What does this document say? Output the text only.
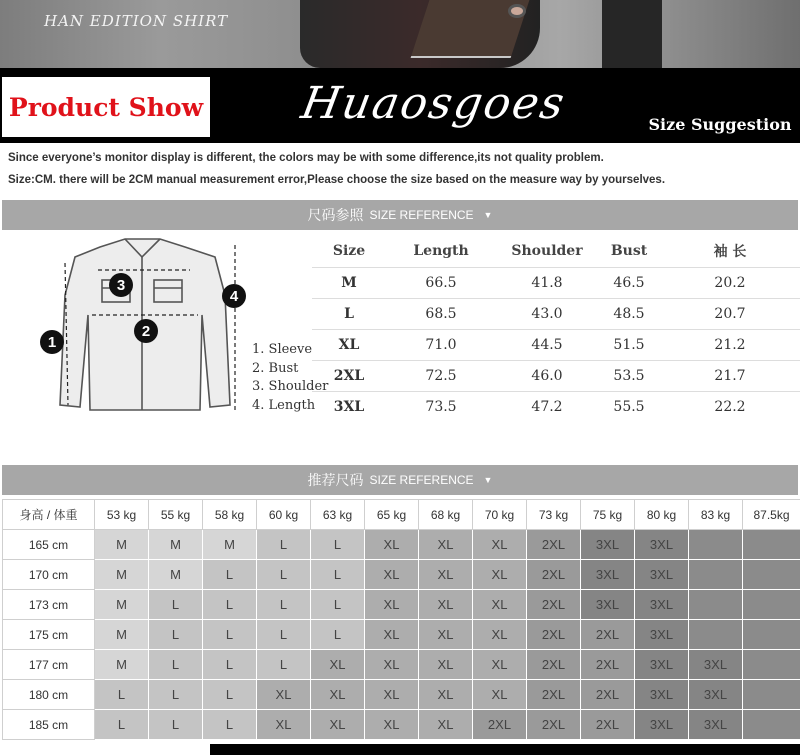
HAN EDITION SHIRT
Product Show Huaosgoes	Size Suggestion
Since everyone’s monitor display is different, the colors may be with some difference,its not quality problem.
Size:CM. there will be 2CM manual measurement error,Please choose the size based on the measure way by yourselves.
尺码参照 SIZE REFERENCE ▼
3
2
1
4
1. Sleeve
2. Bust
3. Shoulder
4. Length
Size	Length	Shoulder	Bust	袖 长
M	66.5	41.8	46.5	20.2
L	68.5	43.0	48.5	20.7
XL	71.0	44.5	51.5	21.2
2XL	72.5	46.0	53.5	21.7
3XL	73.5	47.2	55.5	22.2
推荐尺码 SIZE REFERENCE ▼
身高 / 体重	53 kg	55 kg	58 kg	60 kg	63 kg	65 kg	68 kg	70 kg	73 kg	75 kg	80 kg	83 kg	87.5kg
165 cm	M	M	M	L	L	XL	XL	XL	2XL	3XL	3XL		
170 cm	M	M	L	L	L	XL	XL	XL	2XL	3XL	3XL		
173 cm	M	L	L	L	L	XL	XL	XL	2XL	3XL	3XL		
175 cm	M	L	L	L	L	XL	XL	XL	2XL	2XL	3XL		
177 cm	M	L	L	L	XL	XL	XL	XL	2XL	2XL	3XL	3XL	
180 cm	L	L	L	XL	XL	XL	XL	XL	2XL	2XL	3XL	3XL	
185 cm	L	L	L	XL	XL	XL	XL	2XL	2XL	2XL	3XL	3XL	
